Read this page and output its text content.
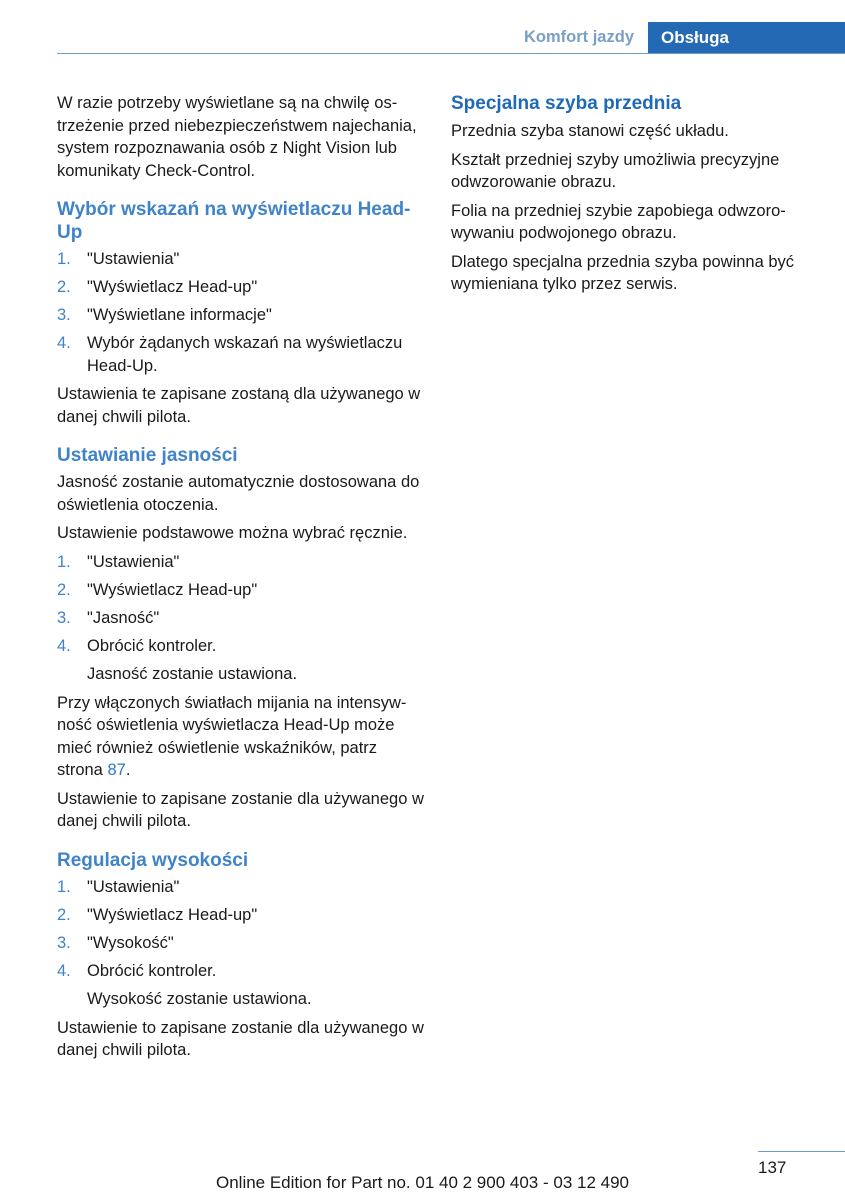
Komfort jazdy	Obsługa

W razie potrzeby wyświetlane są na chwilę ostrzeżenie przed niebezpieczeństwem najechania, system rozpoznawania osób z Night Vision lub komunikaty Check-Control.

Wybór wskazań na wyświetlaczu Head-Up
1. "Ustawienia"
2. "Wyświetlacz Head-up"
3. "Wyświetlane informacje"
4. Wybór żądanych wskazań na wyświetlaczu Head-Up.

Ustawienia te zapisane zostaną dla używanego w danej chwili pilota.

Ustawianie jasności

Jasność zostanie automatycznie dostosowana do oświetlenia otoczenia.

Ustawienie podstawowe można wybrać ręcznie.

1. "Ustawienia"
2. "Wyświetlacz Head-up"
3. "Jasność"
4. Obrócić kontroler.

Jasność zostanie ustawiona.

Przy włączonych światłach mijania na intensywność oświetlenia wyświetlacza Head-Up może mieć również oświetlenie wskaźników, patrz strona 87.

Ustawienie to zapisane zostanie dla używanego w danej chwili pilota.

Regulacja wysokości
1. "Ustawienia"
2. "Wyświetlacz Head-up"
3. "Wysokość"
4. Obrócić kontroler.

Wysokość zostanie ustawiona.

Ustawienie to zapisane zostanie dla używanego w danej chwili pilota.

Specjalna szyba przednia

Przednia szyba stanowi część układu.

Kształt przedniej szyby umożliwia precyzyjne odwzorowanie obrazu.

Folia na przedniej szybie zapobiega odwzorowywaniu podwojonego obrazu.

Dlatego specjalna przednia szyba powinna być wymieniana tylko przez serwis.

137
Online Edition for Part no. 01 40 2 900 403 - 03 12 490
